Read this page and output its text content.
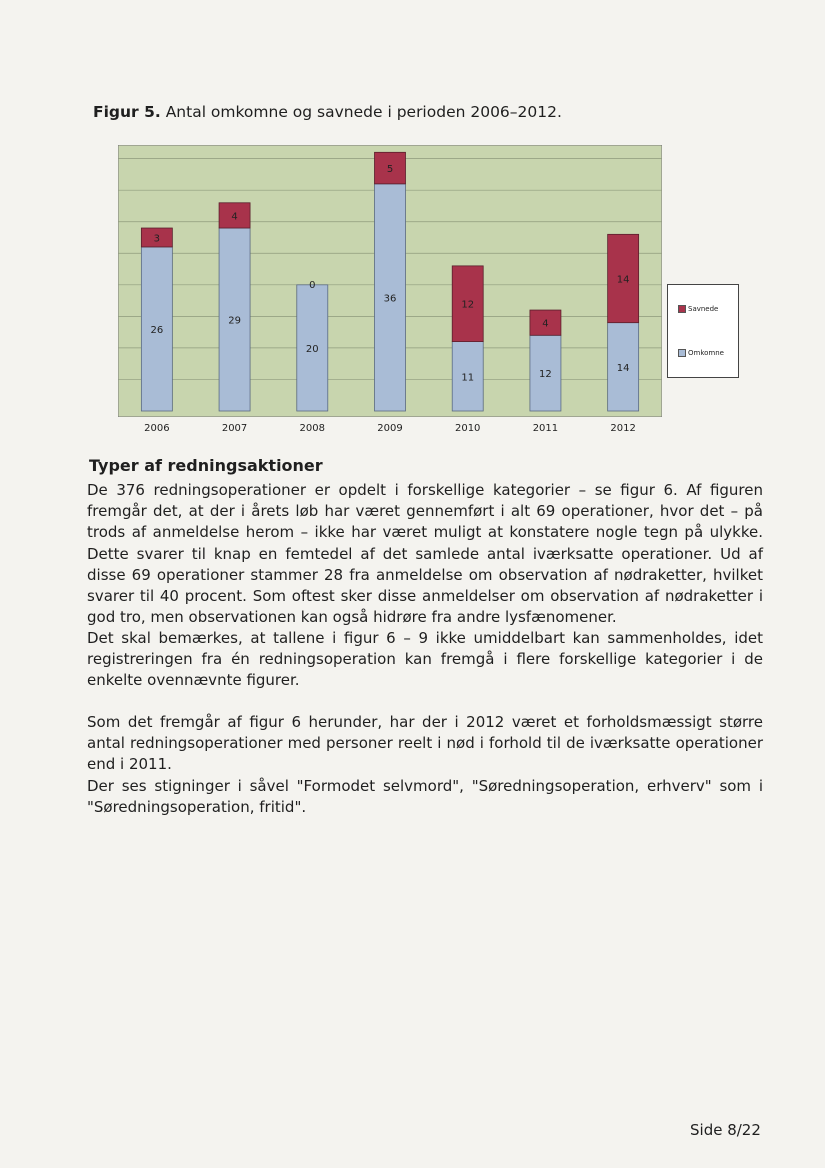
Figur 5. Antal omkomne og savnede i perioden 2006–2012.
26
3
29
4
20
0
36
5
11
12
12
4
14
14
Savnede
Omkomne
2006	2007	2008	2009	2010	2011	2012
Typer af redningsaktioner
De 376 redningsoperationer er opdelt i forskellige kategorier – se figur 6. Af figuren fremgår det, at der i årets løb har været gennemført i alt 69 operationer, hvor det – på trods af anmeldelse herom – ikke har været muligt at konstatere nogle tegn på ulykke. Dette svarer til knap en femtedel af det samlede antal iværksatte operationer. Ud af disse 69 operationer stammer 28 fra anmeldelse om observation af nødraketter, hvilket svarer til 40 procent. Som oftest sker disse anmeldelser om observation af nødraketter i god tro, men observationen kan også hidrøre fra andre lysfænomener.
Det skal bemærkes, at tallene i figur 6 – 9 ikke umiddelbart kan sammenholdes, idet registreringen fra én redningsoperation kan fremgå i flere forskellige kategorier i de enkelte ovennævnte figurer.
Som det fremgår af figur 6 herunder, har der i 2012 været et forholdsmæssigt større antal redningsoperationer med personer reelt i nød i forhold til de iværksatte operationer end i 2011.
Der ses stigninger i såvel "Formodet selvmord", "Søredningsoperation, erhverv" som i "Søredningsoperation, fritid".
Side 8/22
